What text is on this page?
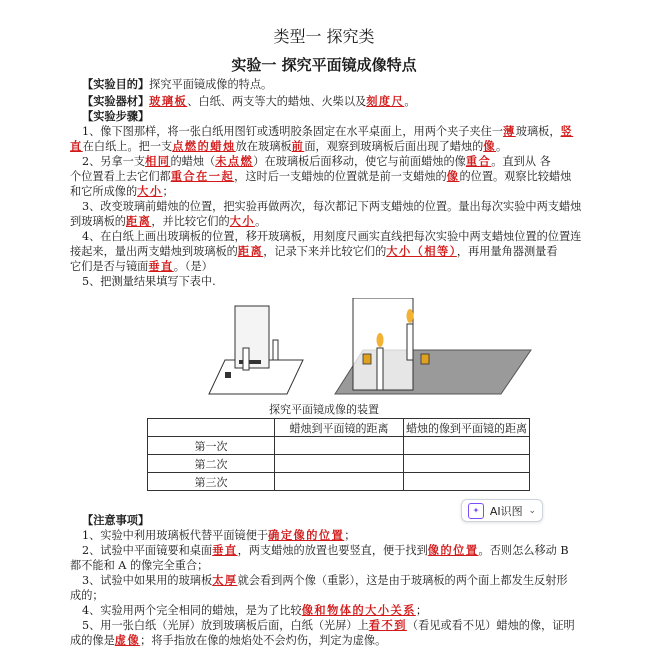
类型一 探究类
实验一 探究平面镜成像特点
【实验目的】探究平面镜成像的特点。
【实验器材】玻璃板、白纸、两支等大的蜡烛、火柴以及刻度尺。
【实验步骤】
1、像下图那样，将一张白纸用图钉或透明胶条固定在水平桌面上，用两个夹子夹住一薄玻璃板，竖
直在白纸上。把一支点燃的蜡烛放在玻璃板前面，观察到玻璃板后面出现了蜡烛的像。
2、另拿一支相同的蜡烛（未点燃）在玻璃板后面移动，使它与前面蜡烛的像重合。直到从 各
个位置看上去它们都重合在一起，这时后一支蜡烛的位置就是前一支蜡烛的像的位置。观察比较蜡烛
和它所成像的大小；
3、改变玻璃前蜡烛的位置，把实验再做两次，每次都记下两支蜡烛的位置。量出每次实验中两支蜡烛
到玻璃板的距离，并比较它们的大小。
4、在白纸上画出玻璃板的位置，移开玻璃板，用刻度尺画实直线把每次实验中两支蜡烛位置的位置连
接起来，量出两支蜡烛到玻璃板的距离，记录下来并比较它们的大小（相等），再用量角器测量看
它们是否与镜面垂直。（是）
5、把测量结果填写下表中.
探究平面镜成像的装置
	蜡烛到平面镜的距离	蜡烛的像到平面镜的距离
第一次		
第二次		
第三次		
✦ AI识图 ⌄
【注意事项】
1、实验中利用玻璃板代替平面镜便于确定像的位置；
2、试验中平面镜要和桌面垂直，两支蜡烛的放置也要竖直，便于找到像的位置。否则怎么移动 B
都不能和 A 的像完全重合；
3、试验中如果用的玻璃板太厚就会看到两个像（重影），这是由于玻璃板的两个面上都发生反射形
成的；
4、实验用两个完全相同的蜡烛，是为了比较像和物体的大小关系；
5、用一张白纸（光屏）放到玻璃板后面，白纸（光屏）上看不到（看见或看不见）蜡烛的像，证明
成的像是虚像；将手指放在像的烛焰处不会灼伤，判定为虚像。
